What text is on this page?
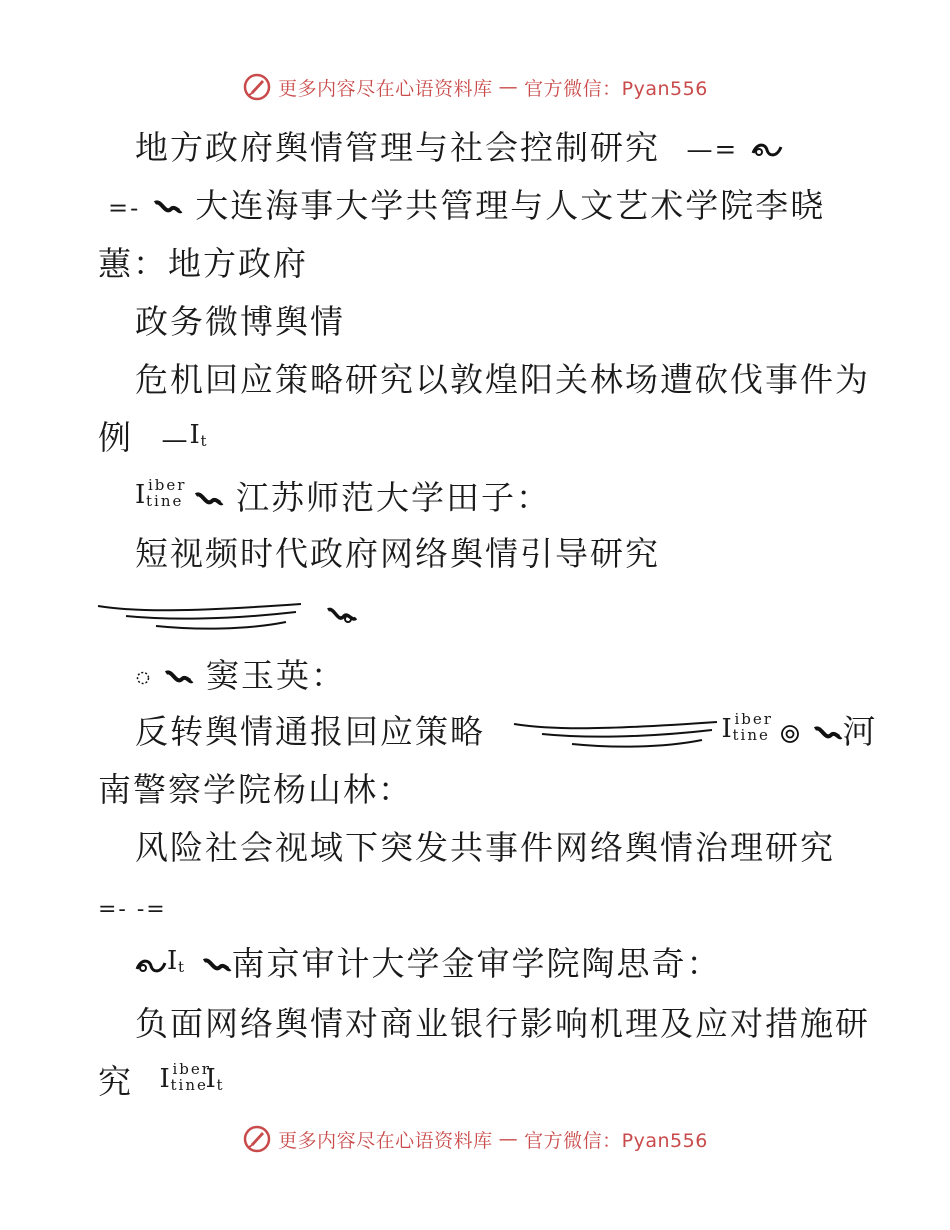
更多内容尽在心语资料库 — 官方微信：Pyan556
地方政府舆情管理与社会控制研究 —=
=- 大连海事大学共管理与人文艺术学院李晓
蕙：地方政府
政务微博舆情
危机回应策略研究以敦煌阳关林场遭砍伐事件为
例 —I
t
I iber
tine 江苏师范大学田子：
短视频时代政府网络舆情引导研究

窦玉英：
反转舆情通报回应策略	I iber
tine 河
南警察学院杨山林：
风险社会视域下突发共事件网络舆情治理研究
=- -=
I
t 南京审计大学金审学院陶思奇：
负面网络舆情对商业银行影响机理及应对措施研
究 I iber
tine
I
t
更多内容尽在心语资料库 — 官方微信：Pyan556
